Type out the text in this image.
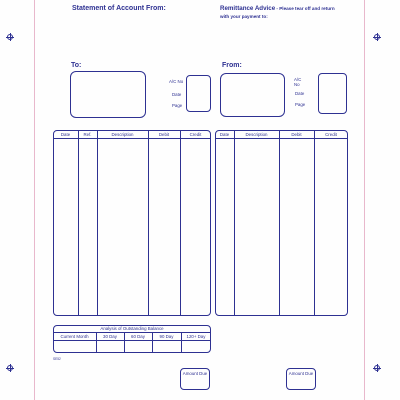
Statement of Account From:	Remittance Advice - Please tear off and return with your payment to:
To:
A/C No
Date
Page
From:
A/C No
Date
Page
Date	Ref.	Description	Debit	Credit	Date	Description	Debit	Credit
Analysis of Outstanding Balance
Current Month	30 Day	60 Day	90 Day	120+ Day
SE52
Amount Due	Amount Due
